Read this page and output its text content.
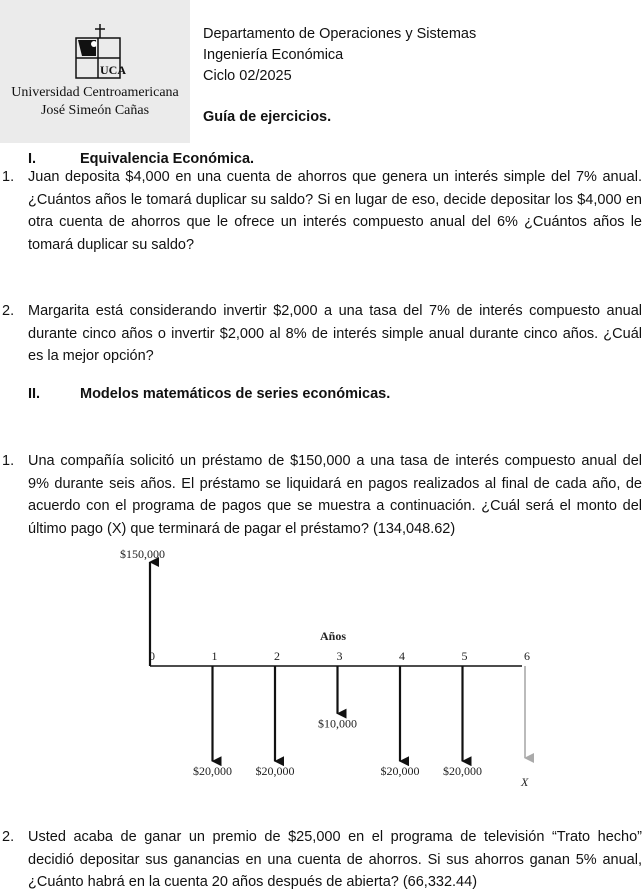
UCA
Universidad Centroamericana
José Simeón Cañas
Departamento de Operaciones y Sistemas
Ingeniería Económica
Ciclo 02/2025
Guía de ejercicios.
I.	Equivalencia Económica.
1. Juan deposita $4,000 en una cuenta de ahorros que genera un interés simple del 7% anual. ¿Cuántos años le tomará duplicar su saldo? Si en lugar de eso, decide depositar los $4,000 en otra cuenta de ahorros que le ofrece un interés compuesto anual del 6% ¿Cuántos años le tomará duplicar su saldo?
2. Margarita está considerando invertir $2,000 a una tasa del 7% de interés compuesto anual durante cinco años o invertir $2,000 al 8% de interés simple anual durante cinco años. ¿Cuál es la mejor opción?
II.	Modelos matemáticos de series económicas.
1. Una compañía solicitó un préstamo de $150,000 a una tasa de interés compuesto anual del 9% durante seis años. El préstamo se liquidará en pagos realizados al final de cada año, de acuerdo con el programa de pagos que se muestra a continuación. ¿Cuál será el monto del último pago (X) que terminará de pagar el préstamo? (134,048.62)
Años
0	1	2	3	4	5	6
$150,000
$20,000 $20,000
$10,000
$20,000 $20,000
X
2. Usted acaba de ganar un premio de $25,000 en el programa de televisión “Trato hecho” decidió depositar sus ganancias en una cuenta de ahorros. Si sus ahorros ganan 5% anual, ¿Cuánto habrá en la cuenta 20 años después de abierta? (66,332.44)
